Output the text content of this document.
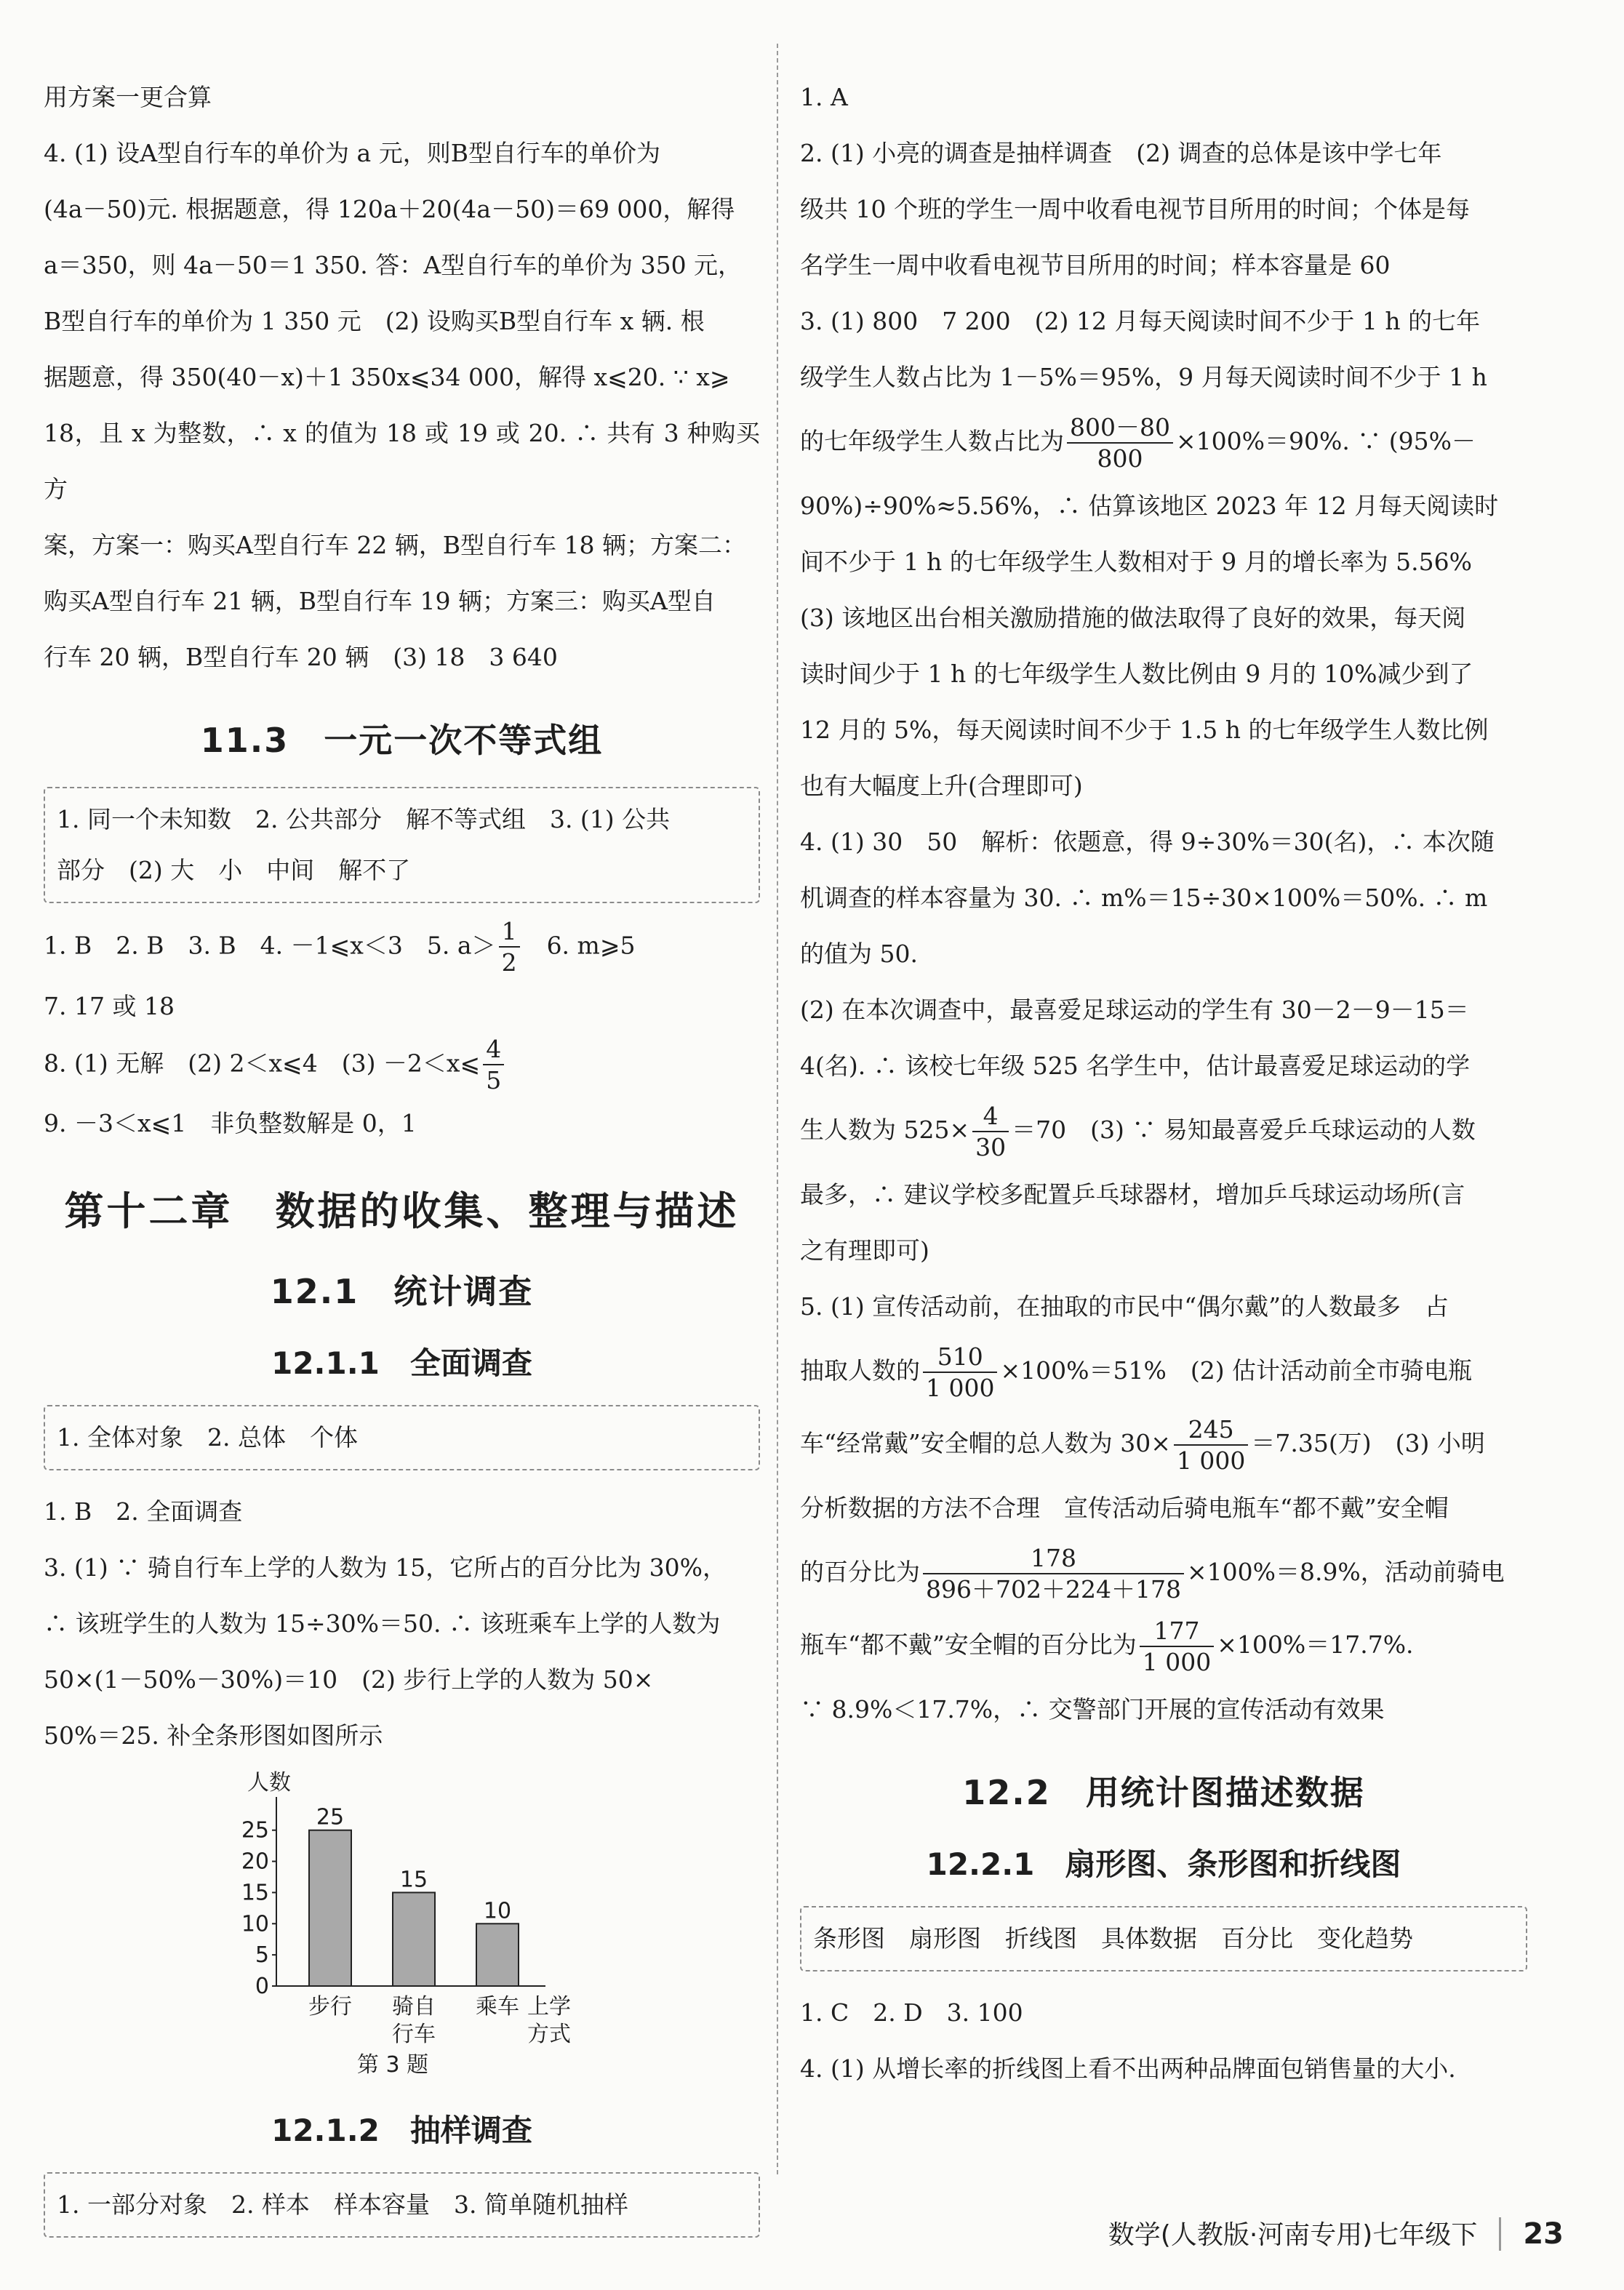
用方案一更合算

4. (1) 设A型自行车的单价为 a 元，则B型自行车的单价为

(4a－50)元. 根据题意，得 120a＋20(4a－50)＝69 000，解得

a＝350，则 4a－50＝1 350. 答：A型自行车的单价为 350 元，

B型自行车的单价为 1 350 元　(2) 设购买B型自行车 x 辆. 根

据题意，得 350(40－x)＋1 350x⩽34 000，解得 x⩽20. ∵ x⩾

18，且 x 为整数，∴ x 的值为 18 或 19 或 20. ∴ 共有 3 种购买方

案，方案一：购买A型自行车 22 辆，B型自行车 18 辆；方案二：

购买A型自行车 21 辆，B型自行车 19 辆；方案三：购买A型自

行车 20 辆，B型自行车 20 辆　(3) 18　3 640

11.3　一元一次不等式组
1. 同一个未知数　2. 公共部分　解不等式组　3. (1) 公共
部分　(2) 大　小　中间　解不了

1. B　2. B　3. B　4. －1⩽x＜3　5. $a> \frac{1}{2}$ 　6. m⩾5

7. 17 或 18

8. (1) 无解　(2) 2＜x⩽4　(3) －2＜x⩽ $\frac{4}{5}$

9. －3＜x⩽1　非负整数解是 0，1

第十二章　数据的收集、整理与描述
12.1　统计调查
12.1.1　全面调查
1. 全体对象　2. 总体　个体

1. B　2. 全面调查

3. (1) ∵ 骑自行车上学的人数为 15，它所占的百分比为 30%，

∴ 该班学生的人数为 15÷30%＝50. ∴ 该班乘车上学的人数为

50×(1－50%－30%)＝10　(2) 步行上学的人数为 50×

50%＝25. 补全条形图如图所示

人数
0
5
10
15
20
25
25
步行
15
骑自
行车
10
乘车 上学
方式
第 3 题
12.1.2　抽样调查
1. 一部分对象　2. 样本　样本容量　3. 简单随机抽样

1. A

2. (1) 小亮的调查是抽样调查　(2) 调查的总体是该中学七年

级共 10 个班的学生一周中收看电视节目所用的时间；个体是每

名学生一周中收看电视节目所用的时间；样本容量是 60

3. (1) 800　7 200　(2) 12 月每天阅读时间不少于 1 h 的七年

级学生人数占比为 1－5%＝95%，9 月每天阅读时间不少于 1 h

的七年级学生人数占比为 $\frac{800-80}{800} \times 100\%=90\%$. ∵ (95%－

90%)÷90%≈5.56%，∴ 估算该地区 2023 年 12 月每天阅读时

间不少于 1 h 的七年级学生人数相对于 9 月的增长率为 5.56%

(3) 该地区出台相关激励措施的做法取得了良好的效果，每天阅

读时间少于 1 h 的七年级学生人数比例由 9 月的 10%减少到了

12 月的 5%，每天阅读时间不少于 1.5 h 的七年级学生人数比例

也有大幅度上升(合理即可)

4. (1) 30　50　解析：依题意，得 9÷30%＝30(名)，∴ 本次随

机调查的样本容量为 30. ∴ m%＝15÷30×100%＝50%. ∴ m

的值为 50.

(2) 在本次调查中，最喜爱足球运动的学生有 30－2－9－15＝

4(名). ∴ 该校七年级 525 名学生中，估计最喜爱足球运动的学

生人数为 $525\times \frac{4}{30} =70$　(3) ∵ 易知最喜爱乒乓球运动的人数

最多，∴ 建议学校多配置乒乓球器材，增加乒乓球运动场所(言

之有理即可)

5. (1) 宣传活动前，在抽取的市民中“偶尔戴”的人数最多　占

抽取人数的 $\frac{510}{1 000} \times 100\%=51\%$　(2) 估计活动前全市骑电瓶

车“经常戴”安全帽的总人数为 $30\times \frac{245}{1 000} =7.35$(万)　(3) 小明

分析数据的方法不合理　宣传活动后骑电瓶车“都不戴”安全帽

的百分比为 $\frac{178}{896+702+224+178} \times 100\%=8.9\%$，活动前骑电

瓶车“都不戴”安全帽的百分比为 $\frac{177}{1 000} \times 100\%=17.7\%$.

∵ 8.9%＜17.7%，∴ 交警部门开展的宣传活动有效果

12.2　用统计图描述数据
12.2.1　扇形图、条形图和折线图
条形图　扇形图　折线图　具体数据　百分比　变化趋势

1. C　2. D　3. 100

4. (1) 从增长率的折线图上看不出两种品牌面包销售量的大小.

数学(人教版·河南专用)七年级下 23
